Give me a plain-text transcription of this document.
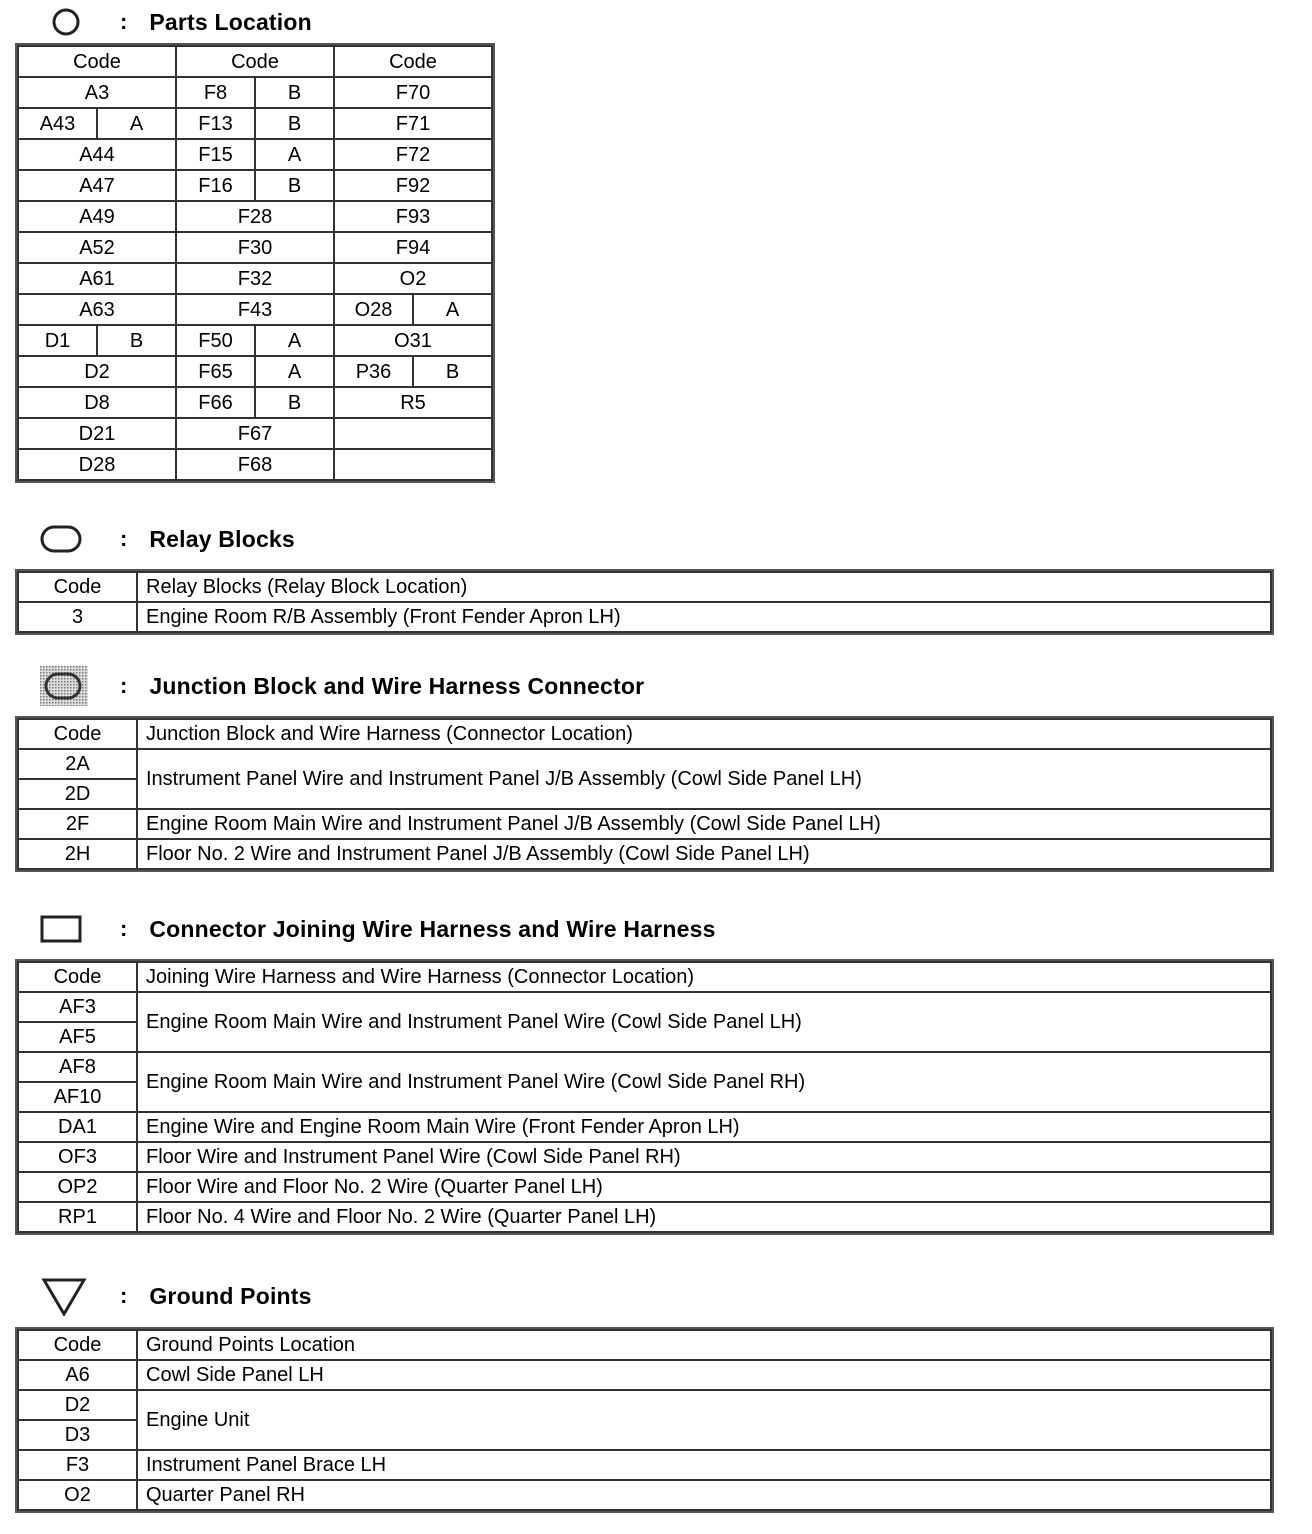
: Parts Location
Code		Code		Code	
A3		F8	B	F70	
A43	A	F13	B	F71	
A44		F15	A	F72	
A47		F16	B	F92	
A49		F28		F93	
A52		F30		F94	
A61		F32		O2	
A63		F43		O28	A
D1	B	F50	A	O31	
D2		F65	A	P36	B
D8		F66	B	R5	
D21		F67			
D28		F68			
: Relay Blocks
Code	Relay Blocks (Relay Block Location)
3	Engine Room R/B Assembly (Front Fender Apron LH)
: Junction Block and Wire Harness Connector
Code	Junction Block and Wire Harness (Connector Location)
2A	Instrument Panel Wire and Instrument Panel J/B Assembly (Cowl Side Panel LH)
2D	
2F	Engine Room Main Wire and Instrument Panel J/B Assembly (Cowl Side Panel LH)
2H	Floor No. 2 Wire and Instrument Panel J/B Assembly (Cowl Side Panel LH)
: Connector Joining Wire Harness and Wire Harness
Code	Joining Wire Harness and Wire Harness (Connector Location)
AF3	Engine Room Main Wire and Instrument Panel Wire (Cowl Side Panel LH)
AF5	
AF8	Engine Room Main Wire and Instrument Panel Wire (Cowl Side Panel RH)
AF10	
DA1	Engine Wire and Engine Room Main Wire (Front Fender Apron LH)
OF3	Floor Wire and Instrument Panel Wire (Cowl Side Panel RH)
OP2	Floor Wire and Floor No. 2 Wire (Quarter Panel LH)
RP1	Floor No. 4 Wire and Floor No. 2 Wire (Quarter Panel LH)
: Ground Points
Code	Ground Points Location
A6	Cowl Side Panel LH
D2	Engine Unit
D3	
F3	Instrument Panel Brace LH
O2	Quarter Panel RH
